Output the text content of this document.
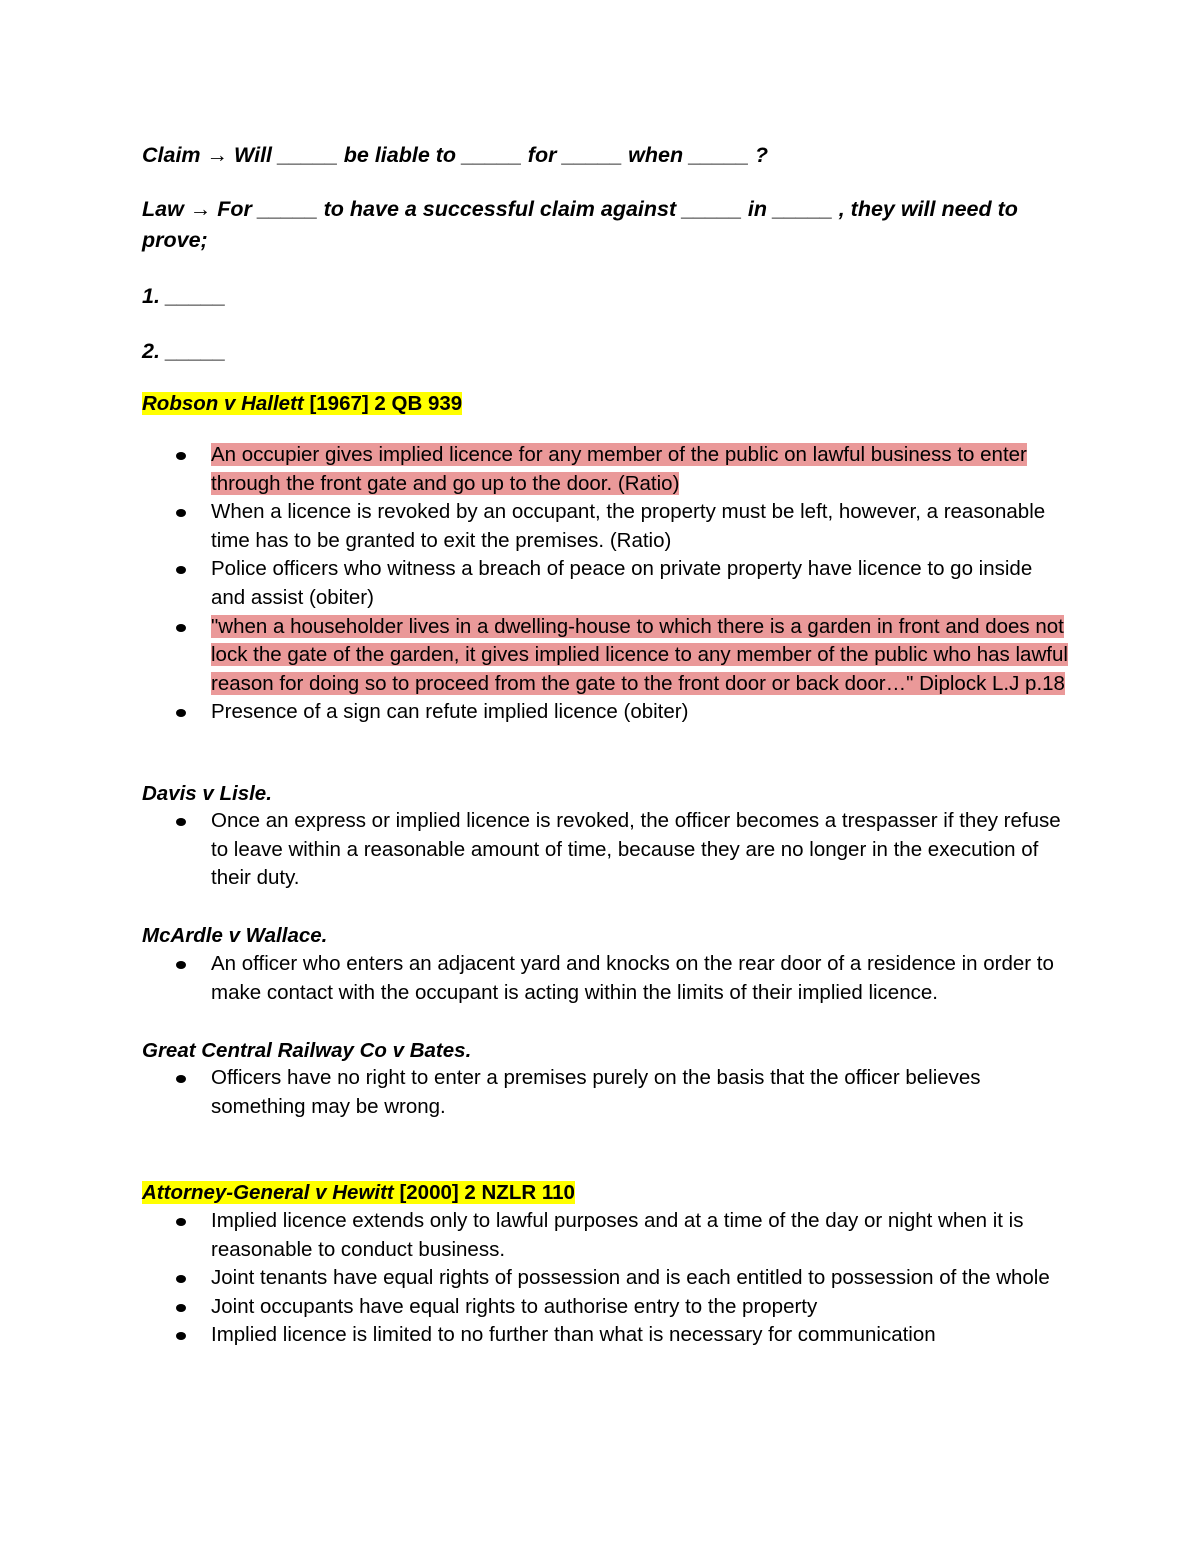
Claim → Will _____ be liable to _____ for _____ when _____ ?
Law → For _____ to have a successful claim against _____ in _____ , they will need to prove;
1. _____
2. _____
Robson v Hallett [1967] 2 QB 939
An occupier gives implied licence for any member of the public on lawful business to enter through the front gate and go up to the door. (Ratio)
When a licence is revoked by an occupant, the property must be left, however, a reasonable time has to be granted to exit the premises. (Ratio)
Police officers who witness a breach of peace on private property have licence to go inside and assist (obiter)
"when a householder lives in a dwelling-house to which there is a garden in front and does not lock the gate of the garden, it gives implied licence to any member of the public who has lawful reason for doing so to proceed from the gate to the front door or back door…" Diplock L.J p.18
Presence of a sign can refute implied licence (obiter)
Davis v Lisle.
Once an express or implied licence is revoked, the officer becomes a trespasser if they refuse to leave within a reasonable amount of time, because they are no longer in the execution of their duty.
McArdle v Wallace.
An officer who enters an adjacent yard and knocks on the rear door of a residence in order to make contact with the occupant is acting within the limits of their implied licence.
Great Central Railway Co v Bates.
Officers have no right to enter a premises purely on the basis that the officer believes something may be wrong.
Attorney-General v Hewitt [2000] 2 NZLR 110
Implied licence extends only to lawful purposes and at a time of the day or night when it is reasonable to conduct business.
Joint tenants have equal rights of possession and is each entitled to possession of the whole
Joint occupants have equal rights to authorise entry to the property
Implied licence is limited to no further than what is necessary for communication
